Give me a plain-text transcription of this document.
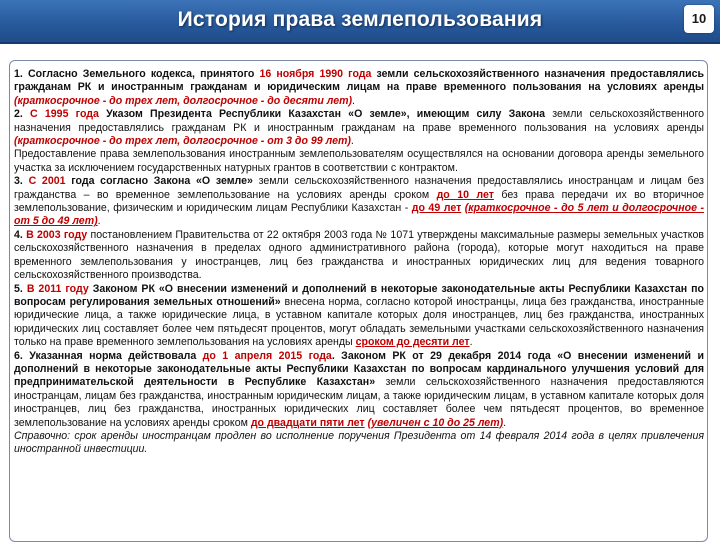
История права землепользования	10

1. Согласно Земельного кодекса, принятого 16 ноября 1990 года земли сельскохозяйственного назначения предоставлялись гражданам РК и иностранным гражданам и юридическим лицам на праве временного пользования на условиях аренды (краткосрочное - до трех лет, долгосрочное - до десяти лет).

2. С 1995 года Указом Президента Республики Казахстан «О земле», имеющим силу Закона земли сельскохозяйственного назначения предоставлялись гражданам РК и иностранным гражданам на праве временного пользования на условиях аренды (краткосрочное - до трех лет, долгосрочное - от 3 до 99 лет).

Предоставление права землепользования иностранным землепользователям осуществлялся на основании договора аренды земельного участка за исключением государственных натурных грантов в соответствии с контрактом.

3. С 2001 года согласно Закона «О земле» земли сельскохозяйственного назначения предоставлялись иностранцам и лицам без гражданства – во временное землепользование на условиях аренды сроком до 10 лет без права передачи их во вторичное землепользование, физическим и юридическим лицам Республики Казахстан - до 49 лет (краткосрочное - до 5 лет и долгосрочное - от 5 до 49 лет).

4. В 2003 году постановлением Правительства от 22 октября 2003 года № 1071 утверждены максимальные размеры земельных участков сельскохозяйственного назначения в пределах одного административного района (города), которые могут находиться на праве временного землепользования у иностранцев, лиц без гражданства и иностранных юридических лиц для ведения товарного сельскохозяйственного производства.

5. В 2011 году Законом РК «О внесении изменений и дополнений в некоторые законодательные акты Республики Казахстан по вопросам регулирования земельных отношений» внесена норма, согласно которой иностранцы, лица без гражданства, иностранные юридические лица, а также юридические лица, в уставном капитале которых доля иностранцев, лиц без гражданства, иностранных юридических лиц составляет более чем пятьдесят процентов, могут обладать земельными участками сельскохозяйственного назначения только на праве временного землепользования на условиях аренды сроком до десяти лет.

6. Указанная норма действовала до 1 апреля 2015 года. Законом РК от 29 декабря 2014 года «О внесении изменений и дополнений в некоторые законодательные акты Республики Казахстан по вопросам кардинального улучшения условий для предпринимательской деятельности в Республике Казахстан» земли сельскохозяйственного назначения предоставляются иностранцам, лицам без гражданства, иностранным юридическим лицам, а также юридическим лицам, в уставном капитале которых доля иностранцев, лиц без гражданства, иностранных юридических лиц составляет более чем пятьдесят процентов, во временное землепользование на условиях аренды сроком до двадцати пяти лет (увеличен с 10 до 25 лет).

Справочно: срок аренды иностранцам продлен во исполнение поручения Президента от 14 февраля 2014 года в целях привлечения иностранной инвестиции.
